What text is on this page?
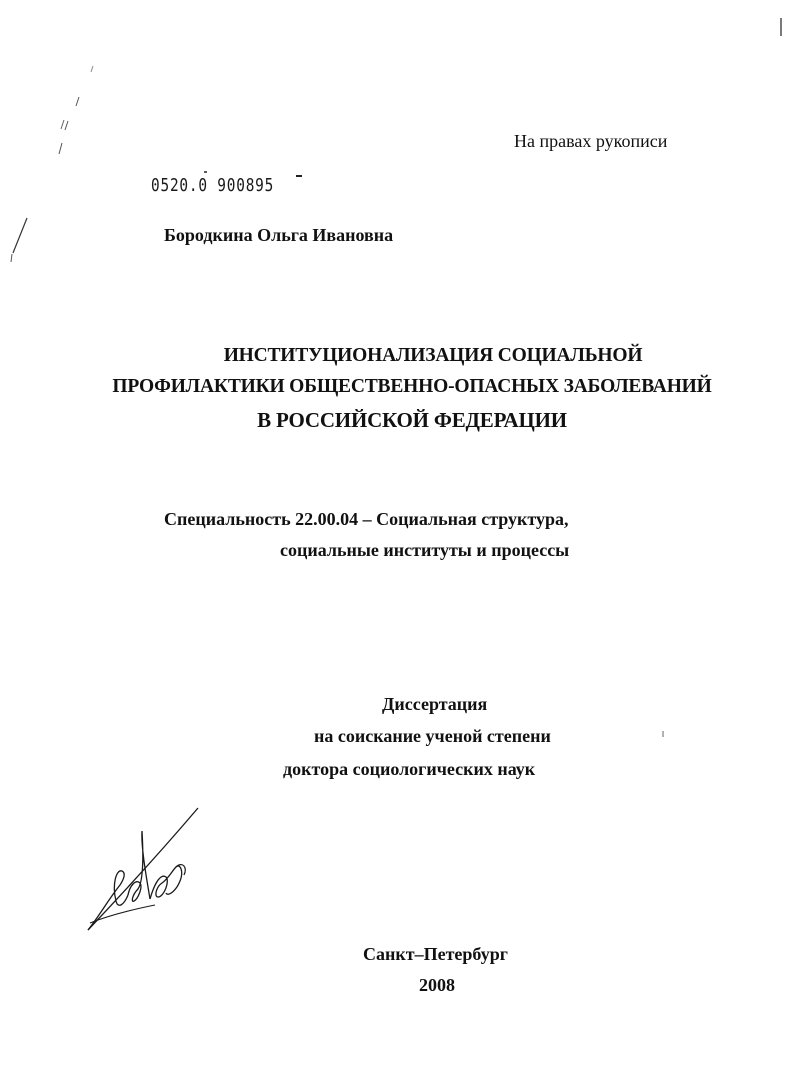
На правах рукописи
0520.0 900895
Бородкина Ольга Ивановна
ИНСТИТУЦИОНАЛИЗАЦИЯ СОЦИАЛЬНОЙ
ПРОФИЛАКТИКИ ОБЩЕСТВЕННО-ОПАСНЫХ ЗАБОЛЕВАНИЙ
В РОССИЙСКОЙ ФЕДЕРАЦИИ
Специальность 22.00.04 – Социальная структура,
социальные институты и процессы
Диссертация
на соискание ученой степени
доктора социологических наук
Санкт–Петербург
2008
